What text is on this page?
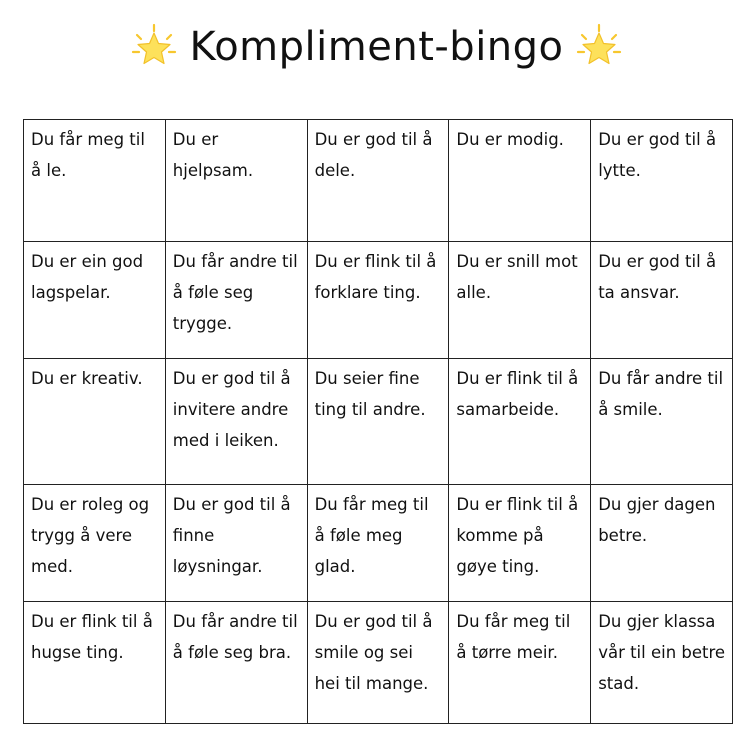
Kompliment-bingo
Du får meg til å le.	Du er hjelpsam.	Du er god til å dele.	Du er modig.	Du er god til å lytte.
Du er ein god lagspelar.	Du får andre til å føle seg trygge.	Du er flink til å forklare ting.	Du er snill mot alle.	Du er god til å ta ansvar.
Du er kreativ.	Du er god til å invitere andre med i leiken.	Du seier fine ting til andre.	Du er flink til å samarbeide.	Du får andre til å smile.
Du er roleg og trygg å vere med.	Du er god til å finne løysningar.	Du får meg til å føle meg glad.	Du er flink til å komme på gøye ting.	Du gjer dagen betre.
Du er flink til å hugse ting.	Du får andre til å føle seg bra.	Du er god til å smile og sei hei til mange.	Du får meg til å tørre meir.	Du gjer klassa vår til ein betre stad.
